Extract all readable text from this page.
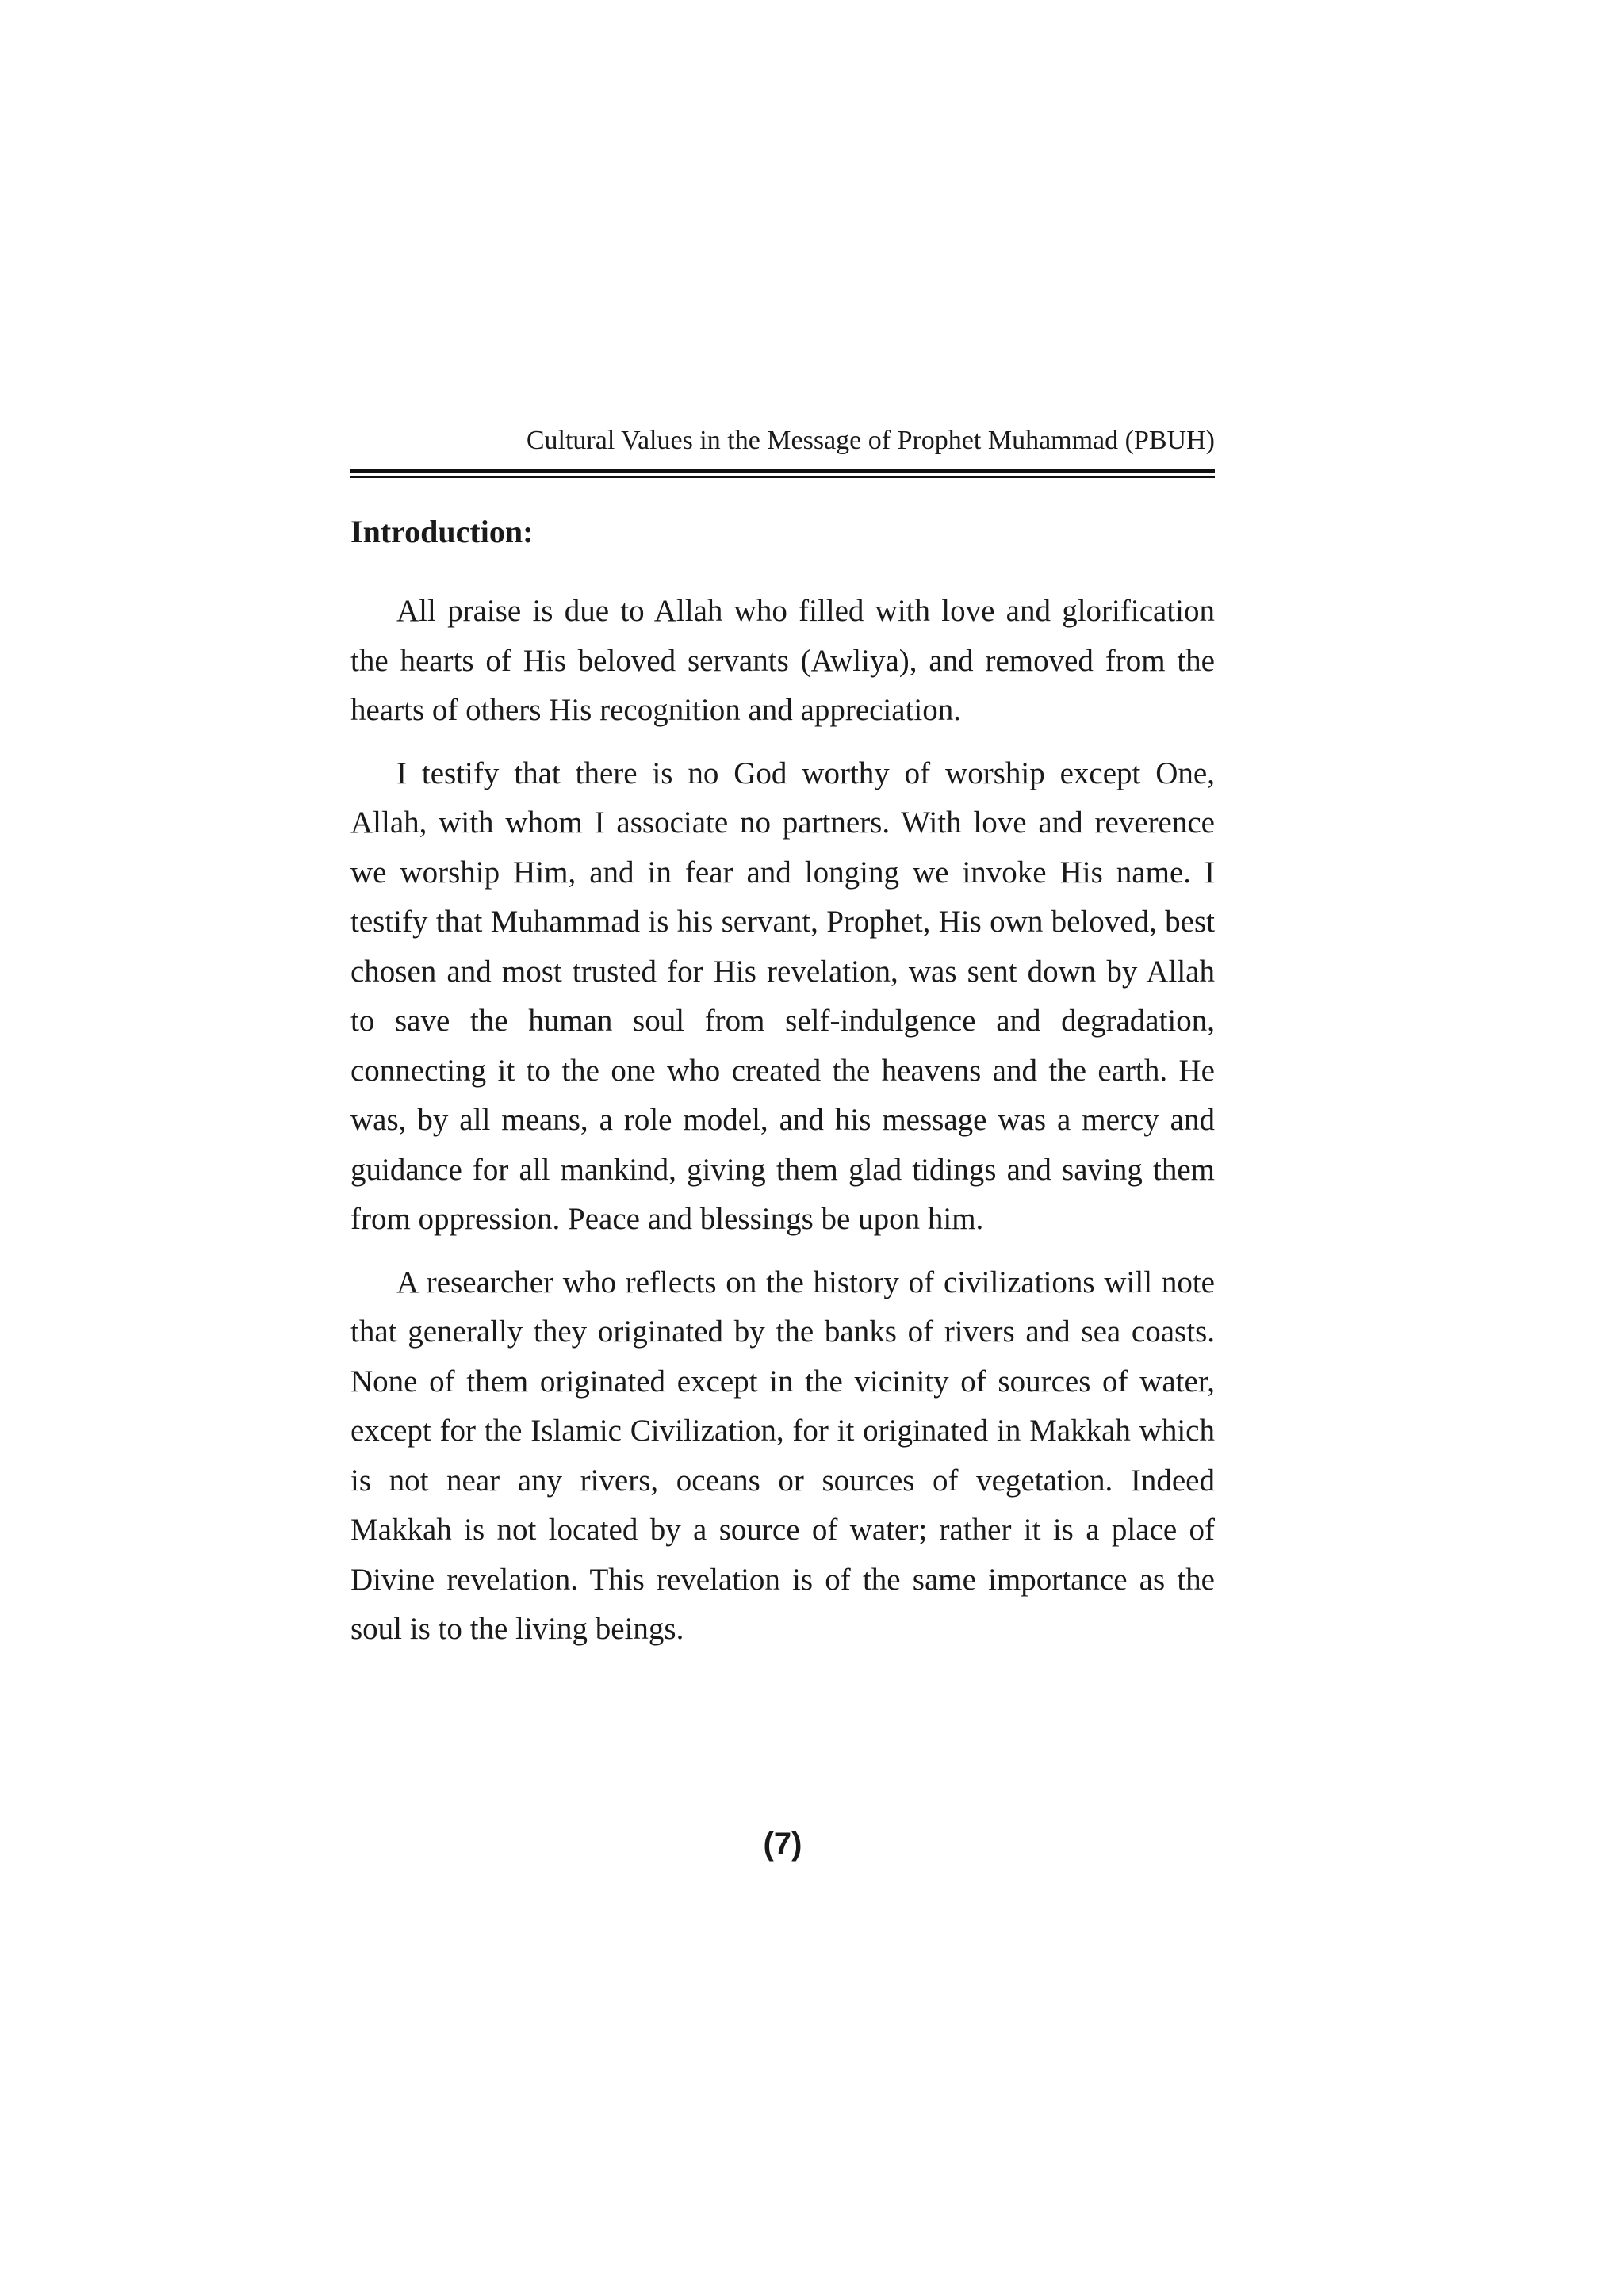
Cultural Values in the Message of Prophet Muhammad (PBUH)
Introduction:

All praise is due to Allah who filled with love and glorification the hearts of His beloved servants (Awliya), and removed from the hearts of others His recognition and appreciation.

I testify that there is no God worthy of worship except One, Allah, with whom I associate no partners. With love and reverence we worship Him, and in fear and longing we invoke His name. I testify that Muhammad is his servant, Prophet, His own beloved, best chosen and most trusted for His revelation, was sent down by Allah to save the human soul from self-indulgence and degradation, connecting it to the one who created the heavens and the earth. He was, by all means, a role model, and his message was a mercy and guidance for all mankind, giving them glad tidings and saving them from oppression. Peace and blessings be upon him.

A researcher who reflects on the history of civilizations will note that generally they originated by the banks of rivers and sea coasts. None of them originated except in the vicinity of sources of water, except for the Islamic Civilization, for it originated in Makkah which is not near any rivers, oceans or sources of vegetation. Indeed Makkah is not located by a source of water; rather it is a place of Divine revelation. This revelation is of the same importance as the soul is to the living beings.

(7)
